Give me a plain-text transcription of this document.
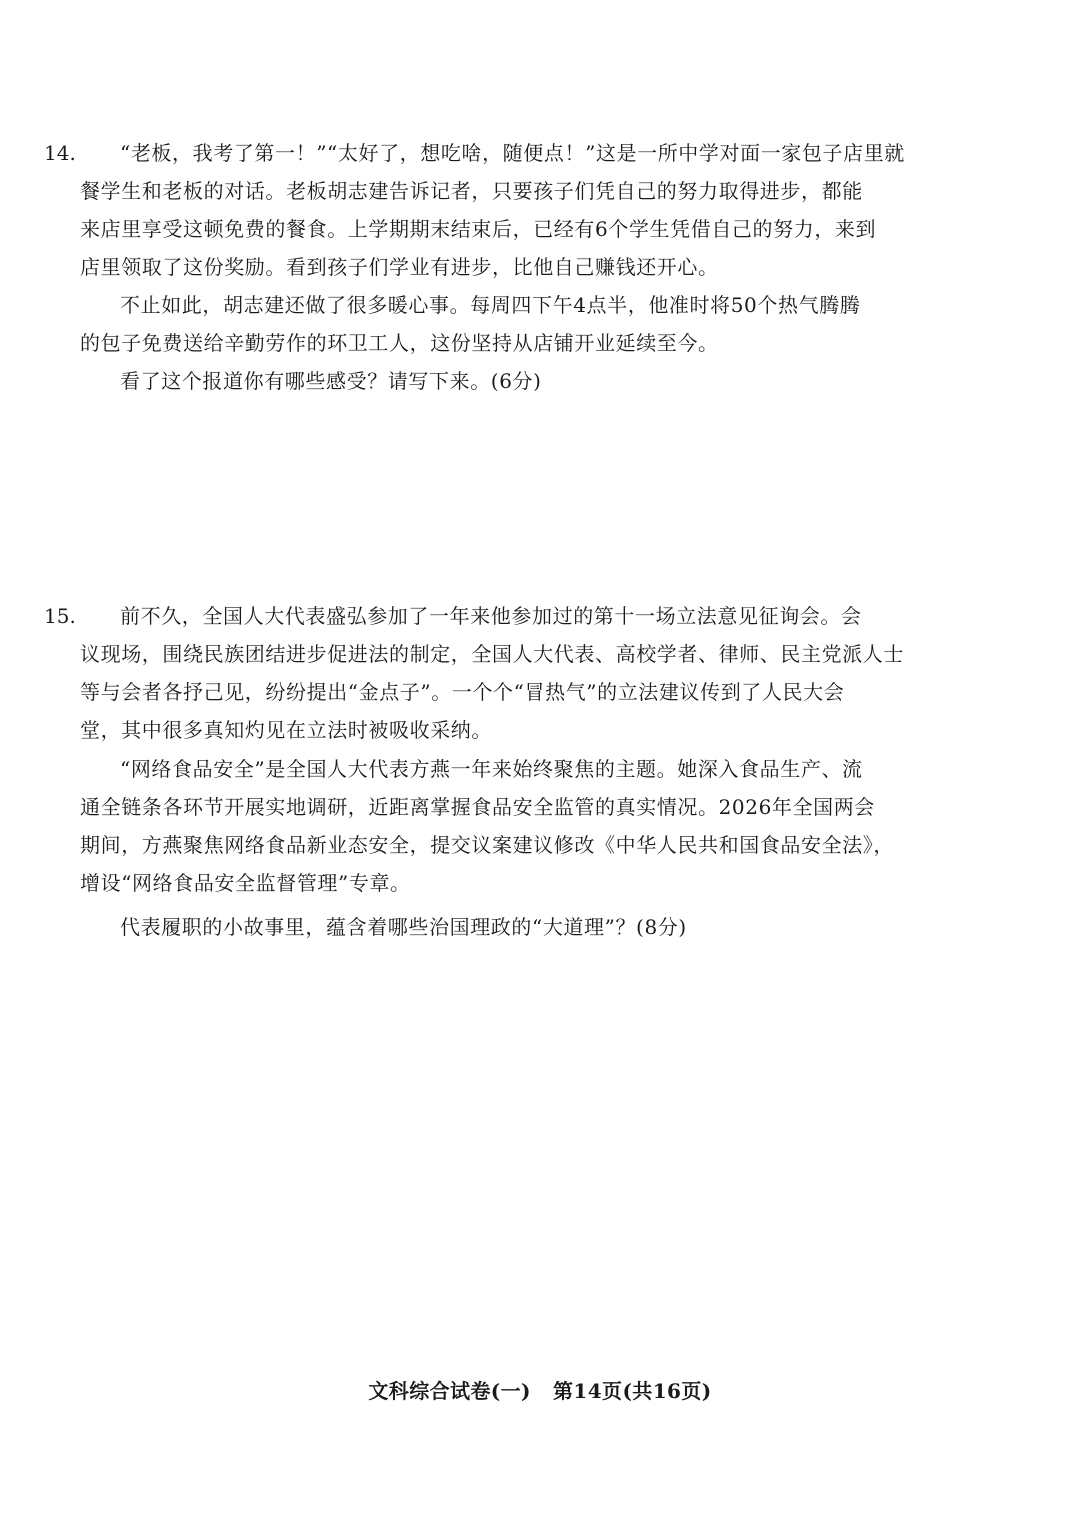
14. “老板，我考了第一！”“太好了，想吃啥，随便点！”这是一所中学对面一家包子店里就
餐学生和老板的对话。老板胡志建告诉记者，只要孩子们凭自己的努力取得进步，都能
来店里享受这顿免费的餐食。上学期期末结束后，已经有6个学生凭借自己的努力，来到
店里领取了这份奖励。看到孩子们学业有进步，比他自己赚钱还开心。
不止如此，胡志建还做了很多暖心事。每周四下午4点半，他准时将50个热气腾腾
的包子免费送给辛勤劳作的环卫工人，这份坚持从店铺开业延续至今。
看了这个报道你有哪些感受？请写下来。(6分)
15. 前不久，全国人大代表盛弘参加了一年来他参加过的第十一场立法意见征询会。会
议现场，围绕民族团结进步促进法的制定，全国人大代表、高校学者、律师、民主党派人士
等与会者各抒己见，纷纷提出“金点子”。一个个“冒热气”的立法建议传到了人民大会
堂，其中很多真知灼见在立法时被吸收采纳。
“网络食品安全”是全国人大代表方燕一年来始终聚焦的主题。她深入食品生产、流
通全链条各环节开展实地调研，近距离掌握食品安全监管的真实情况。2026年全国两会
期间，方燕聚焦网络食品新业态安全，提交议案建议修改《中华人民共和国食品安全法》，
增设“网络食品安全监督管理”专章。
代表履职的小故事里，蕴含着哪些治国理政的“大道理”？(8分)
文科综合试卷(一) 第14页(共16页)
